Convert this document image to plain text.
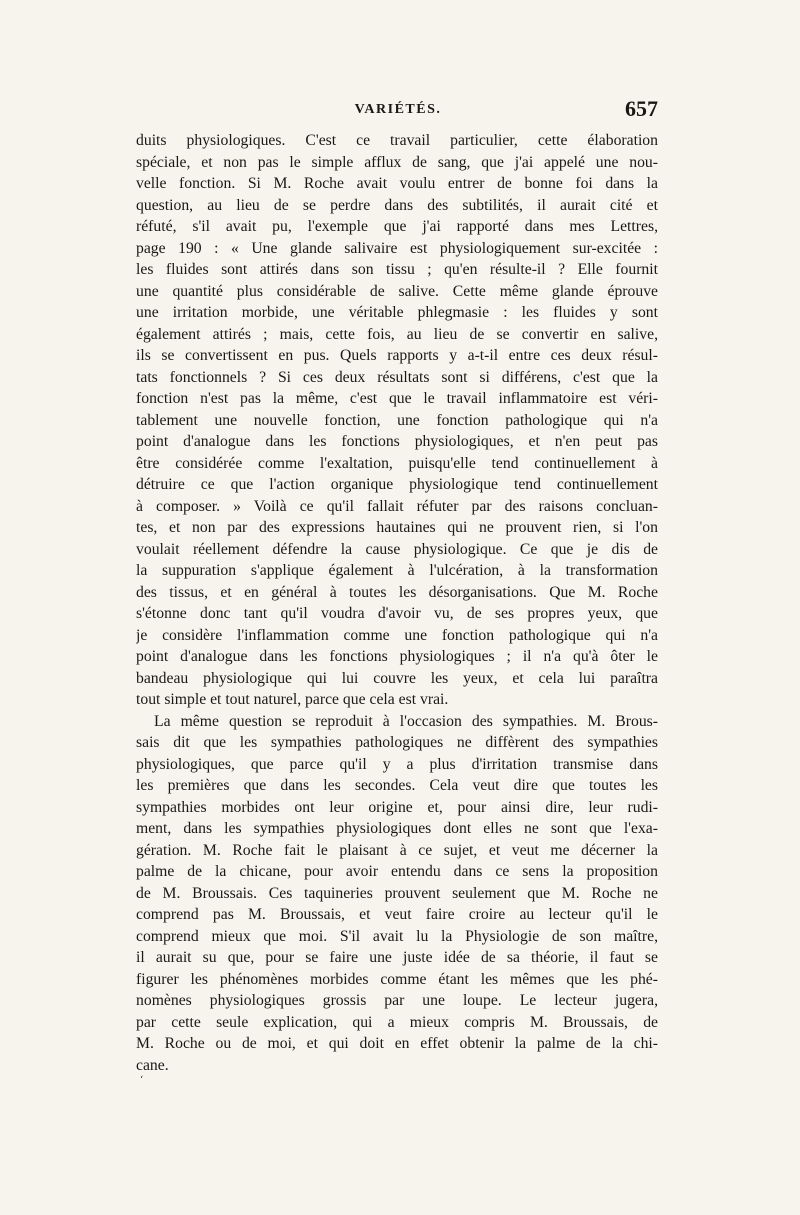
VARIÉTÉS.	657
duits physiologiques. C'est ce travail particulier, cette élaboration
spéciale, et non pas le simple afflux de sang, que j'ai appelé une nou-
velle fonction. Si M. Roche avait voulu entrer de bonne foi dans la
question, au lieu de se perdre dans des subtilités, il aurait cité et
réfuté, s'il avait pu, l'exemple que j'ai rapporté dans mes Lettres,
page 190 : « Une glande salivaire est physiologiquement sur-excitée :
les fluides sont attirés dans son tissu ; qu'en résulte-il ? Elle fournit
une quantité plus considérable de salive. Cette même glande éprouve
une irritation morbide, une véritable phlegmasie : les fluides y sont
également attirés ; mais, cette fois, au lieu de se convertir en salive,
ils se convertissent en pus. Quels rapports y a-t-il entre ces deux résul-
tats fonctionnels ? Si ces deux résultats sont si différens, c'est que la
fonction n'est pas la même, c'est que le travail inflammatoire est véri-
tablement une nouvelle fonction, une fonction pathologique qui n'a
point d'analogue dans les fonctions physiologiques, et n'en peut pas
être considérée comme l'exaltation, puisqu'elle tend continuellement à
détruire ce que l'action organique physiologique tend continuellement
à composer. » Voilà ce qu'il fallait réfuter par des raisons concluan-
tes, et non par des expressions hautaines qui ne prouvent rien, si l'on
voulait réellement défendre la cause physiologique. Ce que je dis de
la suppuration s'applique également à l'ulcération, à la transformation
des tissus, et en général à toutes les désorganisations. Que M. Roche
s'étonne donc tant qu'il voudra d'avoir vu, de ses propres yeux, que
je considère l'inflammation comme une fonction pathologique qui n'a
point d'analogue dans les fonctions physiologiques ; il n'a qu'à ôter le
bandeau physiologique qui lui couvre les yeux, et cela lui paraîtra
tout simple et tout naturel, parce que cela est vrai.
La même question se reproduit à l'occasion des sympathies. M. Brous-
sais dit que les sympathies pathologiques ne diffèrent des sympathies
physiologiques, que parce qu'il y a plus d'irritation transmise dans
les premières que dans les secondes. Cela veut dire que toutes les
sympathies morbides ont leur origine et, pour ainsi dire, leur rudi-
ment, dans les sympathies physiologiques dont elles ne sont que l'exa-
gération. M. Roche fait le plaisant à ce sujet, et veut me décerner la
palme de la chicane, pour avoir entendu dans ce sens la proposition
de M. Broussais. Ces taquineries prouvent seulement que M. Roche ne
comprend pas M. Broussais, et veut faire croire au lecteur qu'il le
comprend mieux que moi. S'il avait lu la Physiologie de son maître,
il aurait su que, pour se faire une juste idée de sa théorie, il faut se
figurer les phénomènes morbides comme étant les mêmes que les phé-
nomènes physiologiques grossis par une loupe. Le lecteur jugera,
par cette seule explication, qui a mieux compris M. Broussais, de
M. Roche ou de moi, et qui doit en effet obtenir la palme de la chi-
cane.
ʻ
